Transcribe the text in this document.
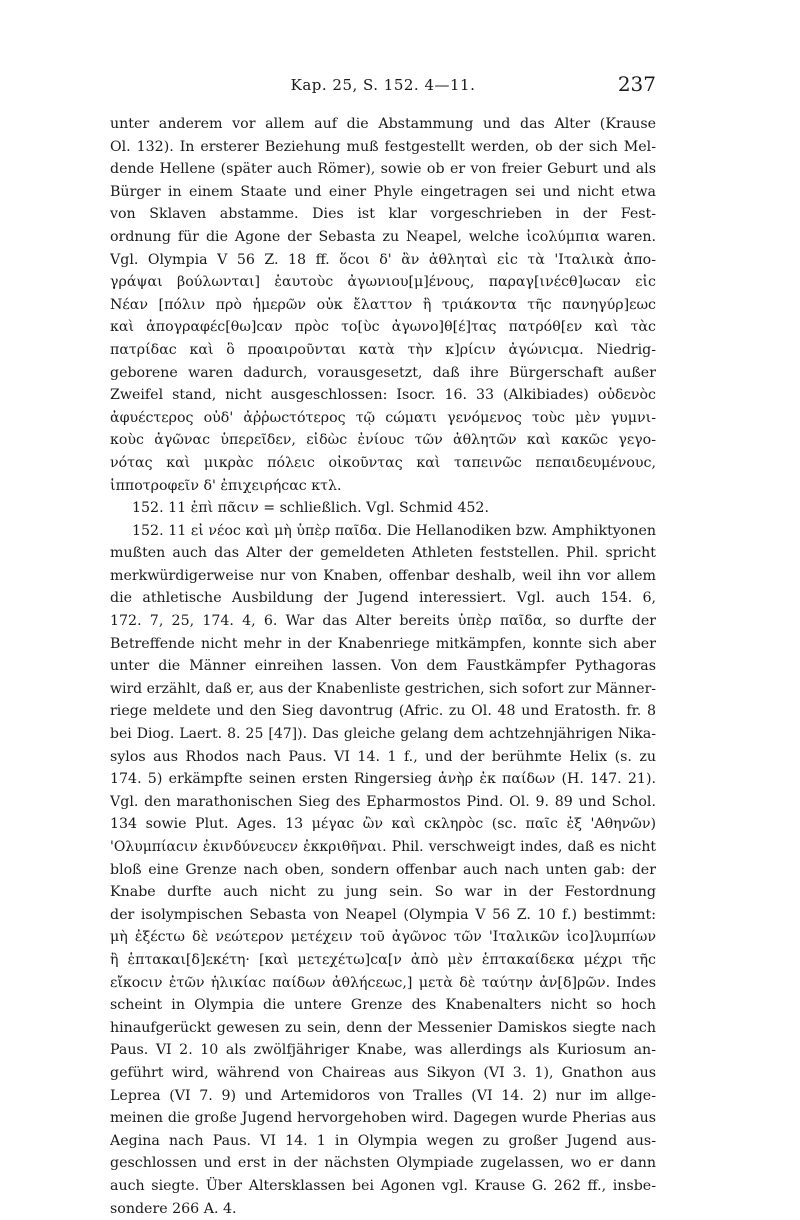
Kap. 25, S. 152. 4—11.	237

unter anderem vor allem auf die Abstammung und das Alter (Krause

Ol. 132). In ersterer Beziehung muß festgestellt werden, ob der sich Mel-

dende Hellene (später auch Römer), sowie ob er von freier Geburt und als

Bürger in einem Staate und einer Phyle eingetragen sei und nicht etwa

von Sklaven abstamme. Dies ist klar vorgeschrieben in der Fest-

ordnung für die Agone der Sebasta zu Neapel, welche ἰcολύμπια waren.

Vgl. Olympia V 56 Z. 18 ff. ὅcοι δ' ἂν ἀθληταὶ εἰc τὰ 'Ιταλικὰ ἀπο-

γράψαι βούλωνται] ἑαυτοὺc ἀγωνιου[μ]ένους, παραγ[ινέcθ]ωcαν εἰc

Νέαν [πόλιν πρὸ ἡμερῶν οὐκ ἔλαττον ἢ τριάκοντα τῆc πανηγύρ]εωc

καὶ ἀπογραφέc[θω]cαν πρὸc το[ὺc ἀγωνο]θ[έ]τας πατρόθ[εν καὶ τὰc

πατρίδαc καὶ ὃ προαιροῦνται κατὰ τὴν κ]ρίcιν ἀγώνιcμα. Niedrig-

geborene waren dadurch, vorausgesetzt, daß ihre Bürgerschaft außer

Zweifel stand, nicht ausgeschlossen: Isocr. 16. 33 (Alkibiades) οὐδενὸc

ἀφυέcτερος οὐδ' ἀῤῥωcτότερος τῷ cώματι γενόμενος τοὺc μὲν γυμνι-

κοὺc ἀγῶναc ὑπερεῖδεν, εἰδὼc ἐνίουc τῶν ἀθλητῶν καὶ κακῶc γεγο-

νότας καὶ μικρὰc πόλειc οἰκοῦντας καὶ ταπεινῶc πεπαιδευμένουc,

ἱπποτροφεῖν δ' ἐπιχειρήcαc κτλ.

152. 11 ἐπὶ πᾶcιν = schließlich. Vgl. Schmid 452.

152. 11 εἰ νέοc καὶ μὴ ὑπὲρ παῖδα. Die Hellanodiken bzw. Amphiktyonen

mußten auch das Alter der gemeldeten Athleten feststellen. Phil. spricht

merkwürdigerweise nur von Knaben, offenbar deshalb, weil ihn vor allem

die athletische Ausbildung der Jugend interessiert. Vgl. auch 154. 6,

172. 7, 25, 174. 4, 6. War das Alter bereits ὑπὲρ παῖδα, so durfte der

Betreffende nicht mehr in der Knabenriege mitkämpfen, konnte sich aber

unter die Männer einreihen lassen. Von dem Faustkämpfer Pythagoras

wird erzählt, daß er, aus der Knabenliste gestrichen, sich sofort zur Männer-

riege meldete und den Sieg davontrug (Afric. zu Ol. 48 und Eratosth. fr. 8

bei Diog. Laert. 8. 25 [47]). Das gleiche gelang dem achtzehnjährigen Nika-

sylos aus Rhodos nach Paus. VI 14. 1 f., und der berühmte Helix (s. zu

174. 5) erkämpfte seinen ersten Ringersieg ἀνὴρ ἐκ παίδων (H. 147. 21).

Vgl. den marathonischen Sieg des Epharmostos Pind. Ol. 9. 89 und Schol.

134 sowie Plut. Ages. 13 μέγαc ὢν καὶ cκληρὸc (sc. παῖc ἐξ 'Αθηνῶν)

'Ολυμπίαcιν ἐκινδύνευcεν ἐκκριθῆναι. Phil. verschweigt indes, daß es nicht

bloß eine Grenze nach oben, sondern offenbar auch nach unten gab: der

Knabe durfte auch nicht zu jung sein. So war in der Festordnung

der isolympischen Sebasta von Neapel (Olympia V 56 Z. 10 f.) bestimmt:

μὴ ἐξέcτω δὲ νεώτερον μετέχειν τοῦ ἀγῶνοc τῶν 'Ιταλικῶν ἰcο]λυμπίων

ἢ ἑπτακαι[δ]εκέτη· [καὶ μετεχέτω]cα[ν ἀπὸ μὲν ἑπτακαίδεκα μέχρι τῆc

εἴκοcιν ἐτῶν ἡλικίαc παίδων ἀθλήcεωc,] μετὰ δὲ ταύτην ἀν[δ]ρῶν. Indes

scheint in Olympia die untere Grenze des Knabenalters nicht so hoch

hinaufgerückt gewesen zu sein, denn der Messenier Damiskos siegte nach

Paus. VI 2. 10 als zwölfjähriger Knabe, was allerdings als Kuriosum an-

geführt wird, während von Chaireas aus Sikyon (VI 3. 1), Gnathon aus

Leprea (VI 7. 9) und Artemidoros von Tralles (VI 14. 2) nur im allge-

meinen die große Jugend hervorgehoben wird. Dagegen wurde Pherias aus

Aegina nach Paus. VI 14. 1 in Olympia wegen zu großer Jugend aus-

geschlossen und erst in der nächsten Olympiade zugelassen, wo er dann

auch siegte. Über Altersklassen bei Agonen vgl. Krause G. 262 ff., insbe-

sondere 266 A. 4.
